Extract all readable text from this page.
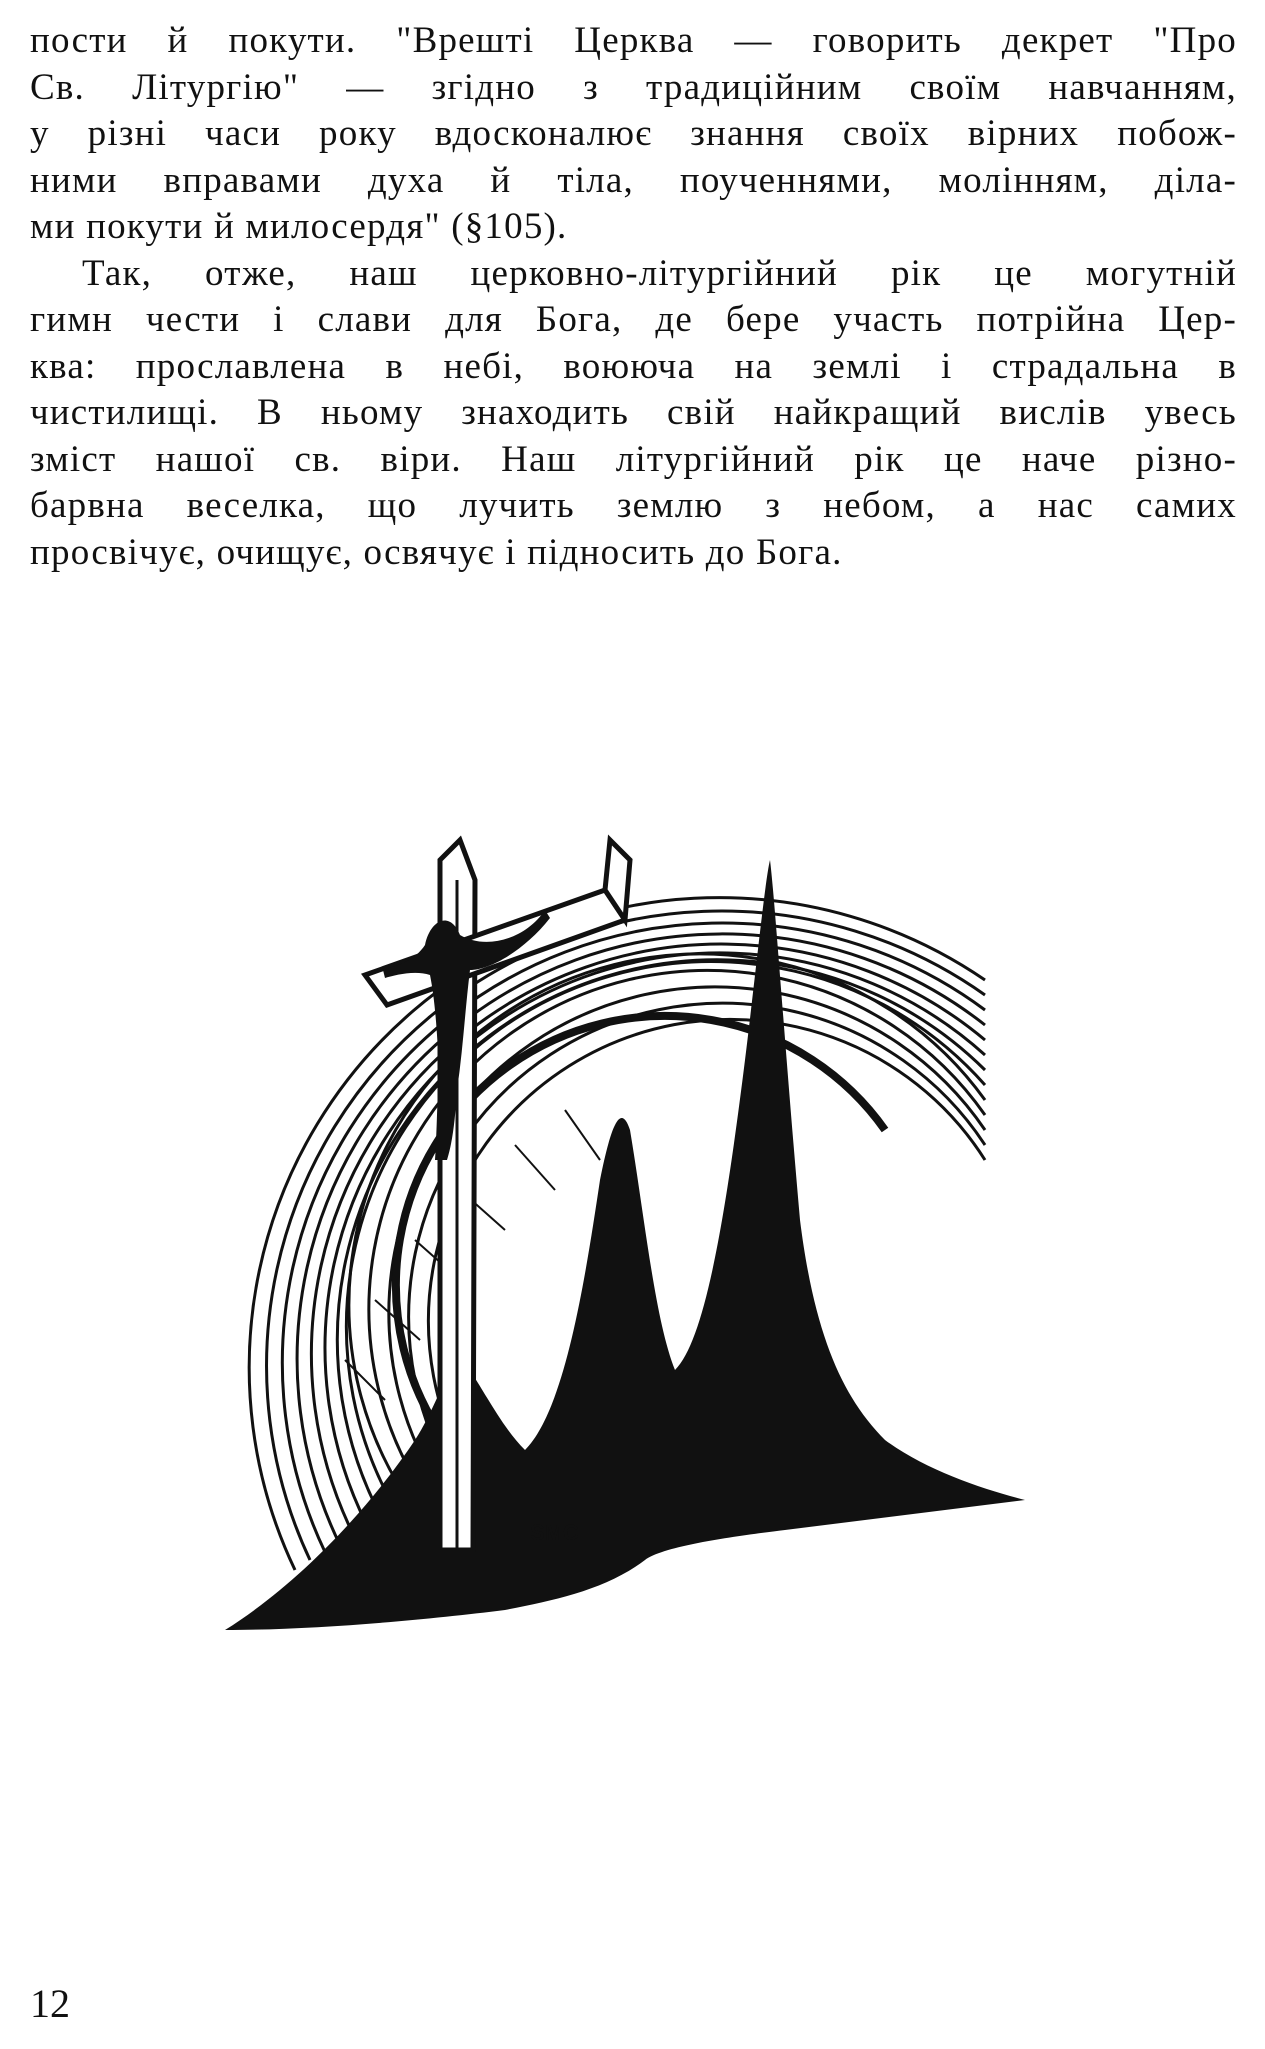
пости й покути. "Врешті Церква — говорить декрет "Про
Св. Літургію" — згідно з традиційним своїм навчанням,
у різні часи року вдосконалює знання своїх вірних побож-
ними вправами духа й тіла, поученнями, молінням, діла-
ми покути й милосердя" (§105).

Так, отже, наш церковно-літургійний рік це могутній
гимн чести і слави для Бога, де бере участь потрійна Цер-
ква: прославлена в небі, воююча на землі і страдальна в
чистилищі. В ньому знаходить свій найкращий вислів увесь
зміст нашої св. віри. Наш літургійний рік це наче різно-
барвна веселка, що лучить землю з небом, а нас самих
просвічує, очищує, освячує і підносить до Бога.

SMC
12
